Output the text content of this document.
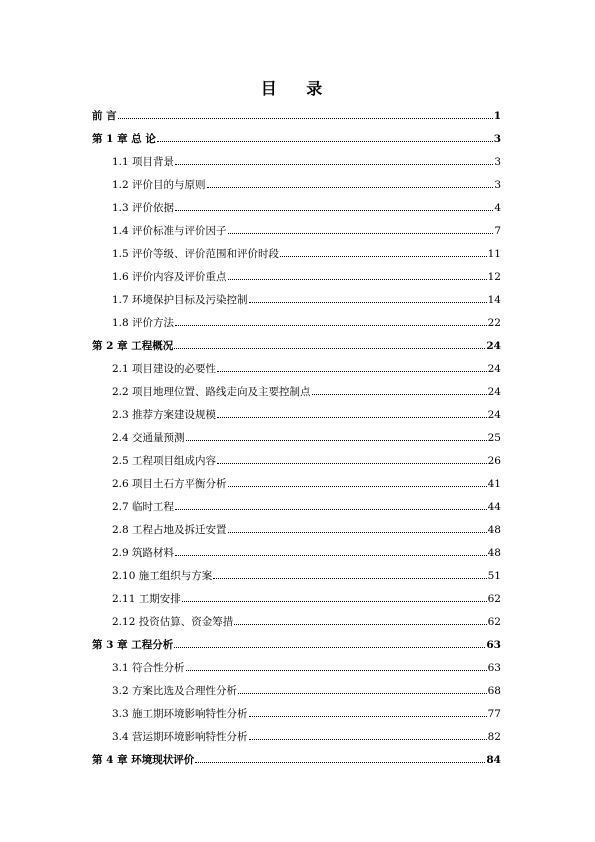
目 录
前 言	1
第 1 章 总 论	3
1.1 项目背景	3
1.2 评价目的与原则	3
1.3 评价依据	4
1.4 评价标准与评价因子	7
1.5 评价等级、评价范围和评价时段	11
1.6 评价内容及评价重点	12
1.7 环境保护目标及污染控制	14
1.8 评价方法	22
第 2 章 工程概况	24
2.1 项目建设的必要性	24
2.2 项目地理位置、路线走向及主要控制点	24
2.3 推荐方案建设规模	24
2.4 交通量预测	25
2.5 工程项目组成内容	26
2.6 项目土石方平衡分析	41
2.7 临时工程	44
2.8 工程占地及拆迁安置	48
2.9 筑路材料	48
2.10 施工组织与方案	51
2.11 工期安排	62
2.12 投资估算、资金筹措	62
第 3 章 工程分析	63
3.1 符合性分析	63
3.2 方案比选及合理性分析	68
3.3 施工期环境影响特性分析	77
3.4 营运期环境影响特性分析	82
第 4 章 环境现状评价	84
